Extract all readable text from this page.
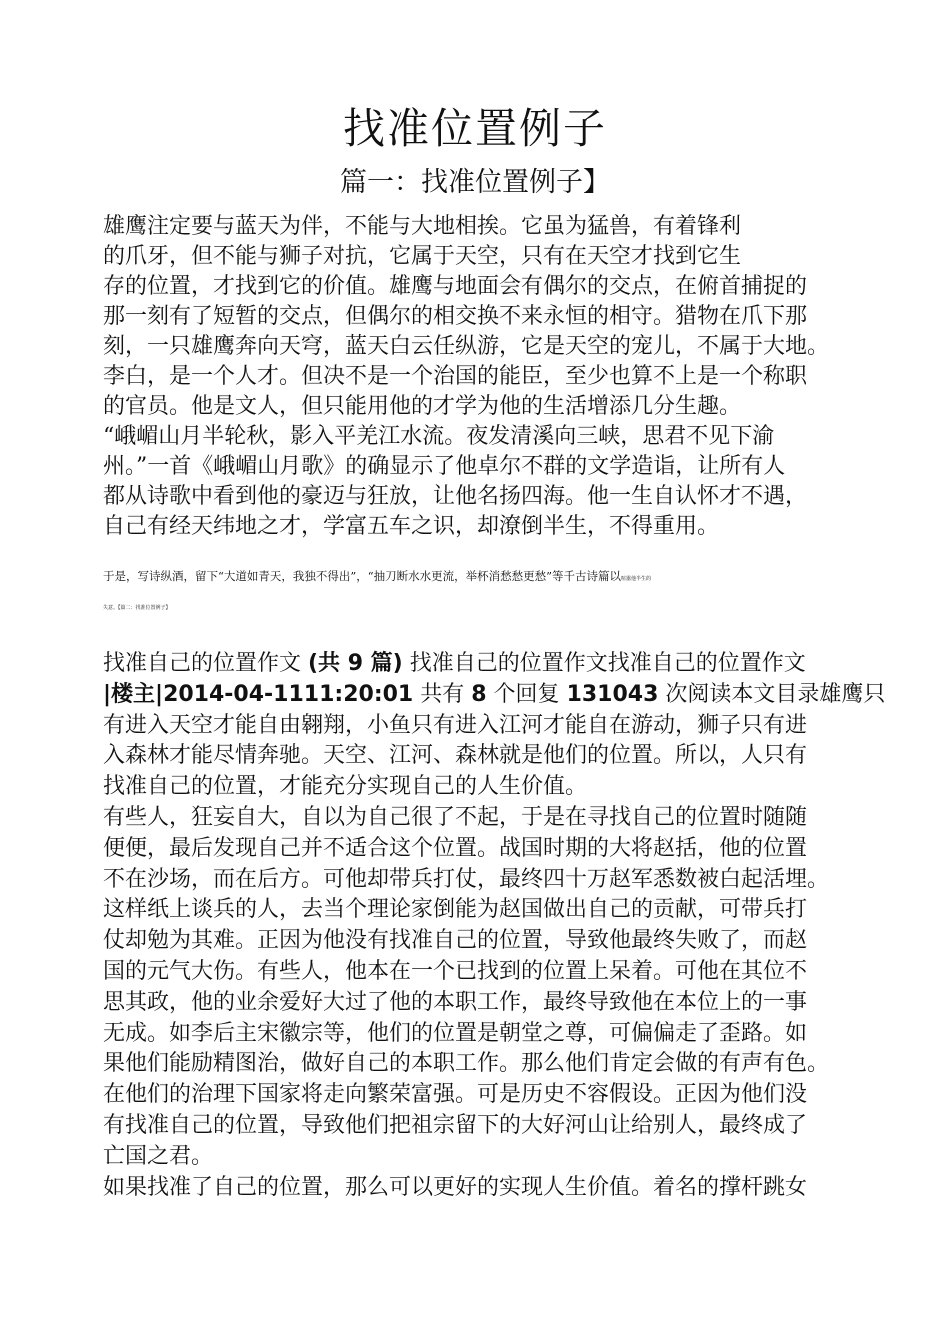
找准位置例子
篇一：找准位置例子】
雄鹰注定要与蓝天为伴，不能与大地相挨。它虽为猛兽，有着锋利
的爪牙，但不能与狮子对抗，它属于天空，只有在天空才找到它生
存的位置，才找到它的价值。雄鹰与地面会有偶尔的交点，在俯首捕捉的
那一刻有了短暂的交点，但偶尔的相交换不来永恒的相守。猎物在爪下那
刻，一只雄鹰奔向天穹，蓝天白云任纵游，它是天空的宠儿，不属于大地。
李白，是一个人才。但决不是一个治国的能臣，至少也算不上是一个称职
的官员。他是文人，但只能用他的才学为他的生活增添几分生趣。
“峨嵋山月半轮秋，影入平羌江水流。夜发清溪向三峡，思君不见下渝
州。”一首《峨嵋山月歌》的确显示了他卓尔不群的文学造诣，让所有人
都从诗歌中看到他的豪迈与狂放，让他名扬四海。他一生自认怀才不遇，
自己有经天纬地之才，学富五车之识，却潦倒半生，不得重用。
于是，写诗纵酒，留下“大道如青天，我独不得出”，“抽刀断水水更流，举杯消愁愁更愁”等千古诗篇以喧嚣他半生的
失意。【篇二：找准位置例子】
找准自己的位置作文 (共 9 篇) 找准自己的位置作文找准自己的位置作文
|楼主|2014-04-1111:20:01 共有 8 个回复 131043 次阅读本文目录雄鹰只
有进入天空才能自由翱翔，小鱼只有进入江河才能自在游动，狮子只有进
入森林才能尽情奔驰。天空、江河、森林就是他们的位置。所以，人只有
找准自己的位置，才能充分实现自己的人生价值。
有些人，狂妄自大，自以为自己很了不起，于是在寻找自己的位置时随随
便便，最后发现自己并不适合这个位置。战国时期的大将赵括，他的位置
不在沙场，而在后方。可他却带兵打仗，最终四十万赵军悉数被白起活埋。
这样纸上谈兵的人，去当个理论家倒能为赵国做出自己的贡献，可带兵打
仗却勉为其难。正因为他没有找准自己的位置，导致他最终失败了，而赵
国的元气大伤。有些人，他本在一个已找到的位置上呆着。可他在其位不
思其政，他的业余爱好大过了他的本职工作，最终导致他在本位上的一事
无成。如李后主宋徽宗等，他们的位置是朝堂之尊，可偏偏走了歪路。如
果他们能励精图治，做好自己的本职工作。那么他们肯定会做的有声有色。
在他们的治理下国家将走向繁荣富强。可是历史不容假设。正因为他们没
有找准自己的位置，导致他们把祖宗留下的大好河山让给别人，最终成了
亡国之君。
如果找准了自己的位置，那么可以更好的实现人生价值。着名的撑杆跳女
